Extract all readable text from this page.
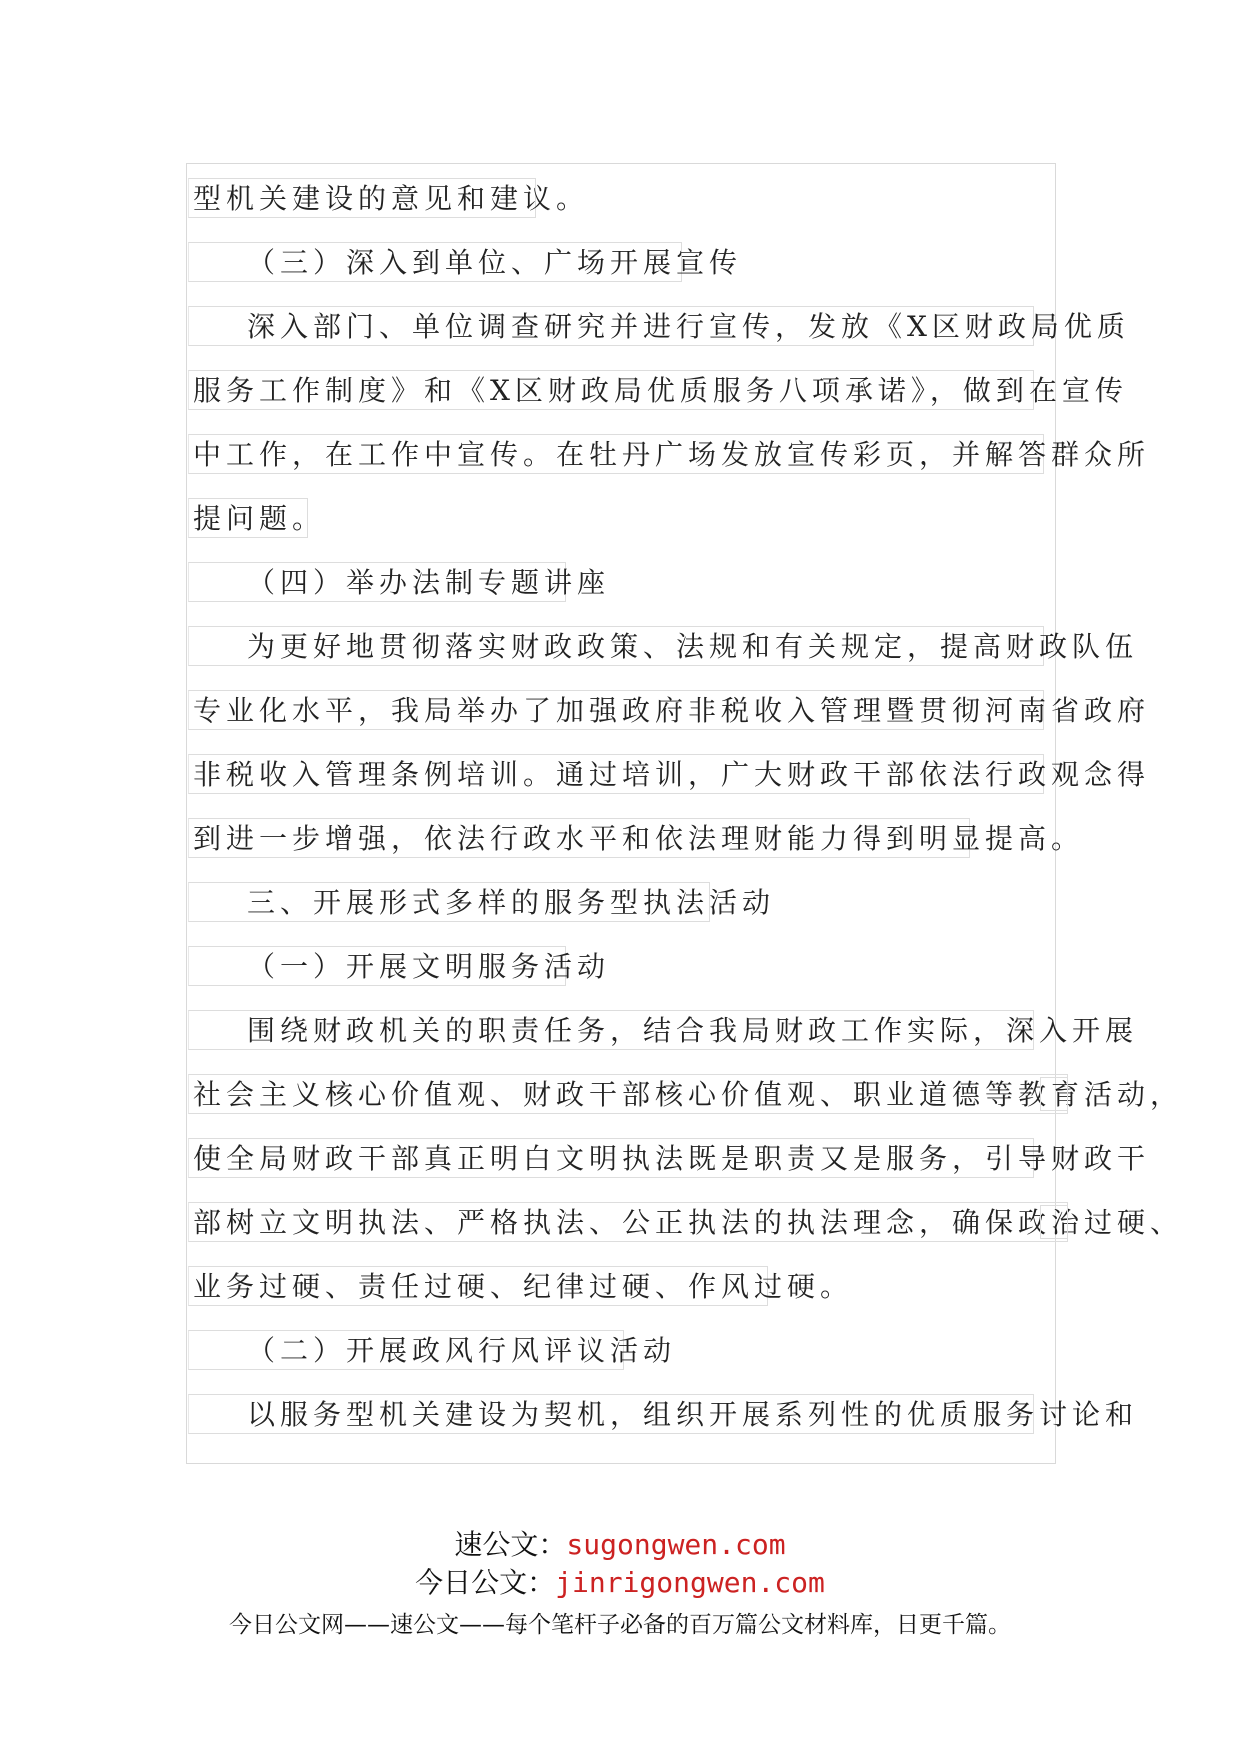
型机关建设的意见和建议。
（三）深入到单位、广场开展宣传
深入部门、单位调查研究并进行宣传，发放《X区财政局优质
服务工作制度》和《X区财政局优质服务八项承诺》，做到在宣传
中工作，在工作中宣传。在牡丹广场发放宣传彩页，并解答群众所
提问题。
（四）举办法制专题讲座
为更好地贯彻落实财政政策、法规和有关规定，提高财政队伍
专业化水平，我局举办了加强政府非税收入管理暨贯彻河南省政府
非税收入管理条例培训。通过培训，广大财政干部依法行政观念得
到进一步增强，依法行政水平和依法理财能力得到明显提高。
三、开展形式多样的服务型执法活动
（一）开展文明服务活动
围绕财政机关的职责任务，结合我局财政工作实际，深入开展
社会主义核心价值观、财政干部核心价值观、职业道德等教育活动，
使全局财政干部真正明白文明执法既是职责又是服务，引导财政干
部树立文明执法、严格执法、公正执法的执法理念，确保政治过硬、
业务过硬、责任过硬、纪律过硬、作风过硬。
（二）开展政风行风评议活动
以服务型机关建设为契机，组织开展系列性的优质服务讨论和
速公文：sugongwen.com
今日公文：jinrigongwen.com
今日公文网——速公文——每个笔杆子必备的百万篇公文材料库，日更千篇。
